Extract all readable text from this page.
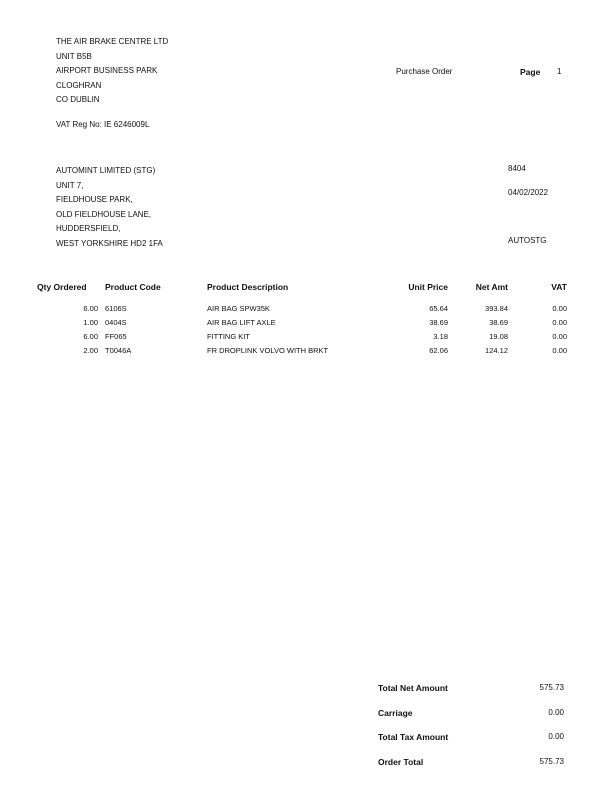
THE AIR BRAKE CENTRE LTD
UNIT B5B
AIRPORT BUSINESS PARK
CLOGHRAN
CO DUBLIN
VAT Reg No: IE 6246009L
Purchase Order	Page 1
AUTOMINT LIMITED (STG)
UNIT 7,
FIELDHOUSE PARK,
OLD FIELDHOUSE LANE,
HUDDERSFIELD,
WEST YORKSHIRE HD2 1FA
8404
04/02/2022
AUTOSTG
Qty Ordered Product Code	Product Description	Unit Price	Net Amt	VAT
6.00 6106S	AIR BAG SPW35K	65.64	393.84	0.00
1.00 0404S	AIR BAG LIFT AXLE	38.69	38.69	0.00
6.00 FF065	FITTING KIT	3.18	19.08	0.00
2.00 T0046A	FR DROPLINK VOLVO WITH BRKT	62.06	124.12	0.00
Total Net Amount	575.73
Carriage	0.00
Total Tax Amount	0.00
Order Total	575.73
